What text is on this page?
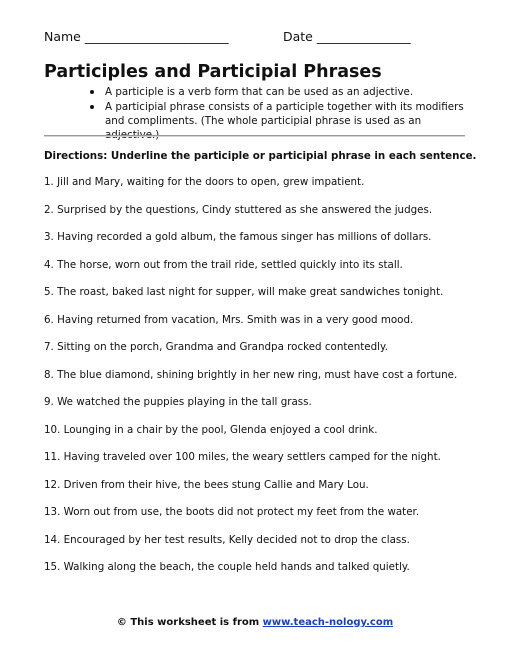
Name _______________________	Date _______________
Participles and Participial Phrases
A participle is a verb form that can be used as an adjective.
A participial phrase consists of a participle together with its modifiers and compliments. (The whole participial phrase is used as an adjective.)
Directions: Underline the participle or participial phrase in each sentence.
1. Jill and Mary, waiting for the doors to open, grew impatient.
2. Surprised by the questions, Cindy stuttered as she answered the judges.
3. Having recorded a gold album, the famous singer has millions of dollars.
4. The horse, worn out from the trail ride, settled quickly into its stall.
5. The roast, baked last night for supper, will make great sandwiches tonight.
6. Having returned from vacation, Mrs. Smith was in a very good mood.
7. Sitting on the porch, Grandma and Grandpa rocked contentedly.
8. The blue diamond, shining brightly in her new ring, must have cost a fortune.
9. We watched the puppies playing in the tall grass.
10. Lounging in a chair by the pool, Glenda enjoyed a cool drink.
11. Having traveled over 100 miles, the weary settlers camped for the night.
12. Driven from their hive, the bees stung Callie and Mary Lou.
13. Worn out from use, the boots did not protect my feet from the water.
14. Encouraged by her test results, Kelly decided not to drop the class.
15. Walking along the beach, the couple held hands and talked quietly.
© This worksheet is from www.teach-nology.com
